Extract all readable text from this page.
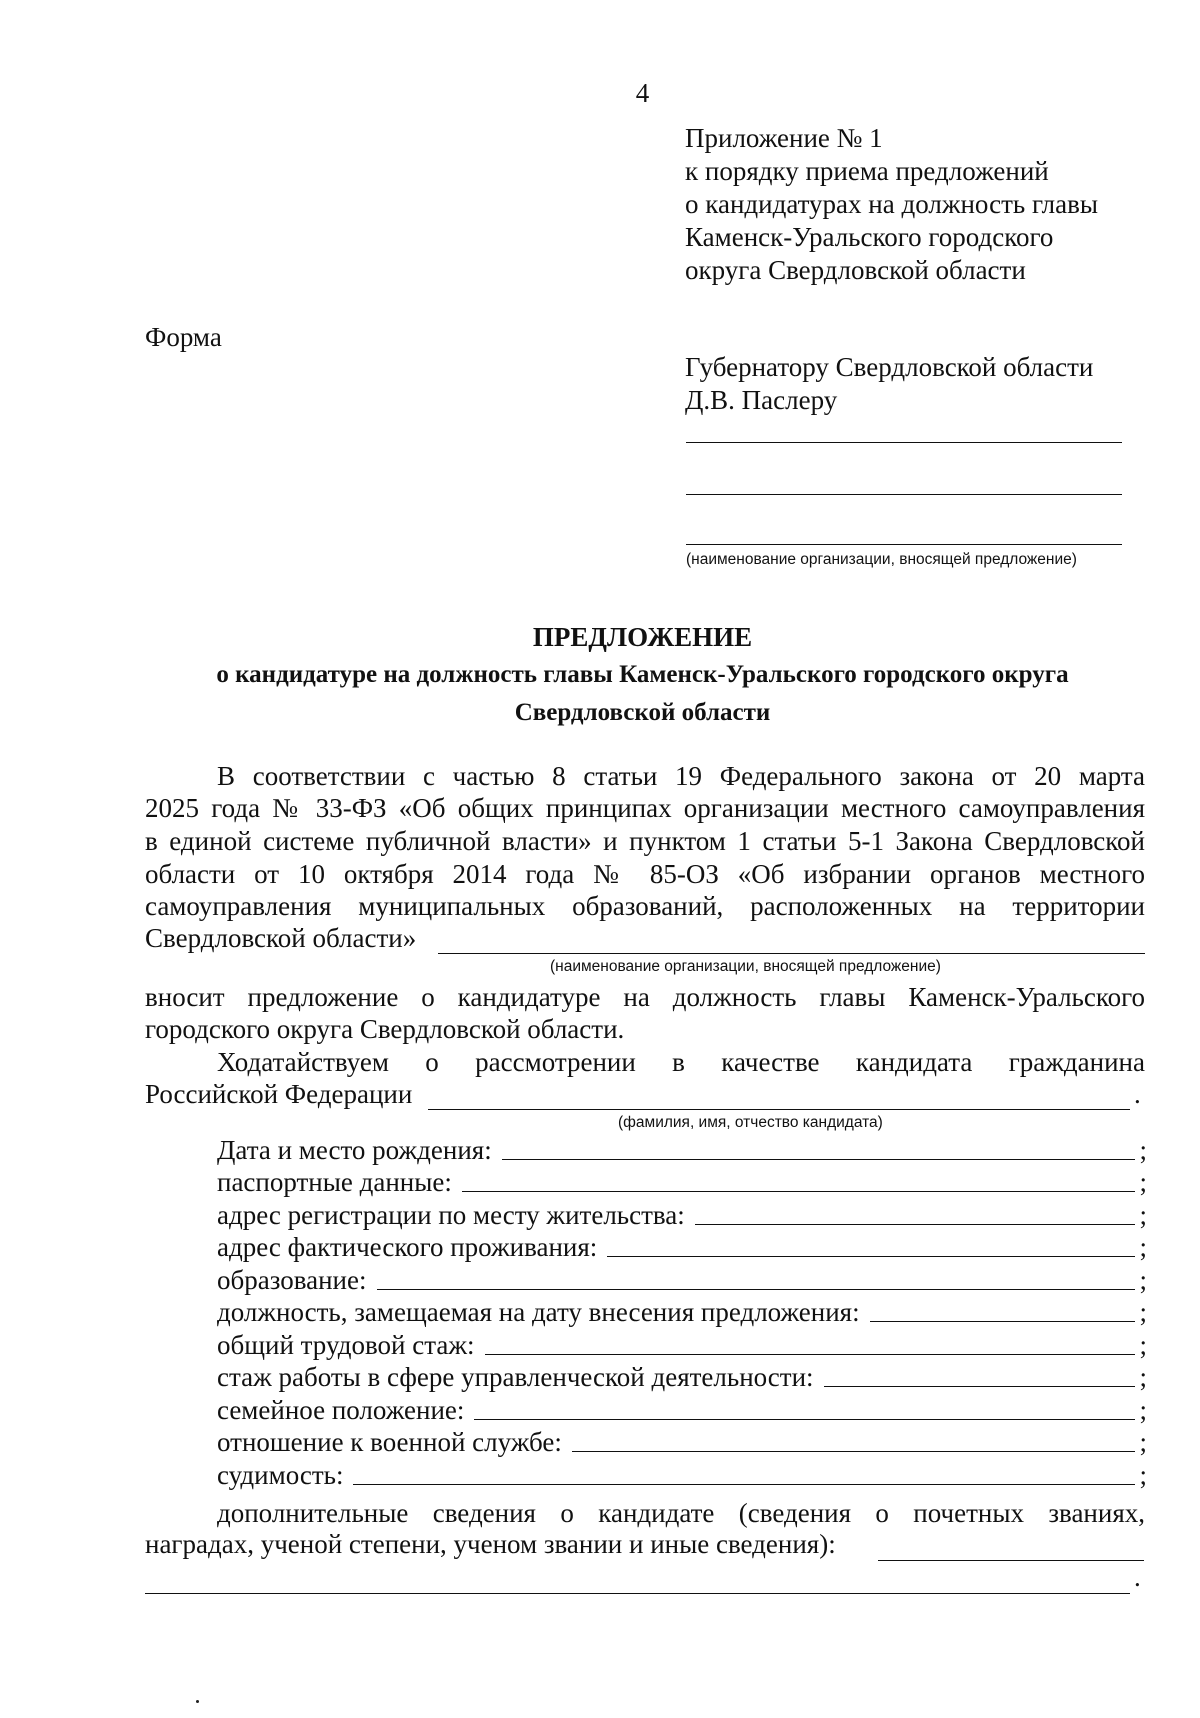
4
Приложение № 1
к порядку приема предложений
о кандидатурах на должность главы
Каменск-Уральского городского
округа Свердловской области
Форма
Губернатору Свердловской области
Д.В. Паслеру
(наименование организации, вносящей предложение)
ПРЕДЛОЖЕНИЕ
о кандидатуре на должность главы Каменск-Уральского городского округа
Свердловской области
В соответствии с частью 8 статьи 19 Федерального закона от 20 марта
2025 года № 33-ФЗ «Об общих принципах организации местного самоуправления
в единой системе публичной власти» и пунктом 1 статьи 5-1 Закона Свердловской
области от 10 октября 2014 года № 85-ОЗ «Об избрании органов местного
самоуправления муниципальных образований, расположенных на территории
Свердловской области»
(наименование организации, вносящей предложение)
вносит предложение о кандидатуре на должность главы Каменск-Уральского
городского округа Свердловской области.
Ходатайствуем о рассмотрении в качестве кандидата гражданина
Российской Федерации	.
(фамилия, имя, отчество кандидата)
Дата и место рождения:	;
паспортные данные:	;
адрес регистрации по месту жительства:	;
адрес фактического проживания:	;
образование:	;
должность, замещаемая на дату внесения предложения:	;
общий трудовой стаж:	;
стаж работы в сфере управленческой деятельности:	;
семейное положение:	;
отношение к военной службе:	;
судимость:	;
дополнительные сведения о кандидате (сведения о почетных званиях,
наградах, ученой степени, ученом звании и иные сведения):
.
